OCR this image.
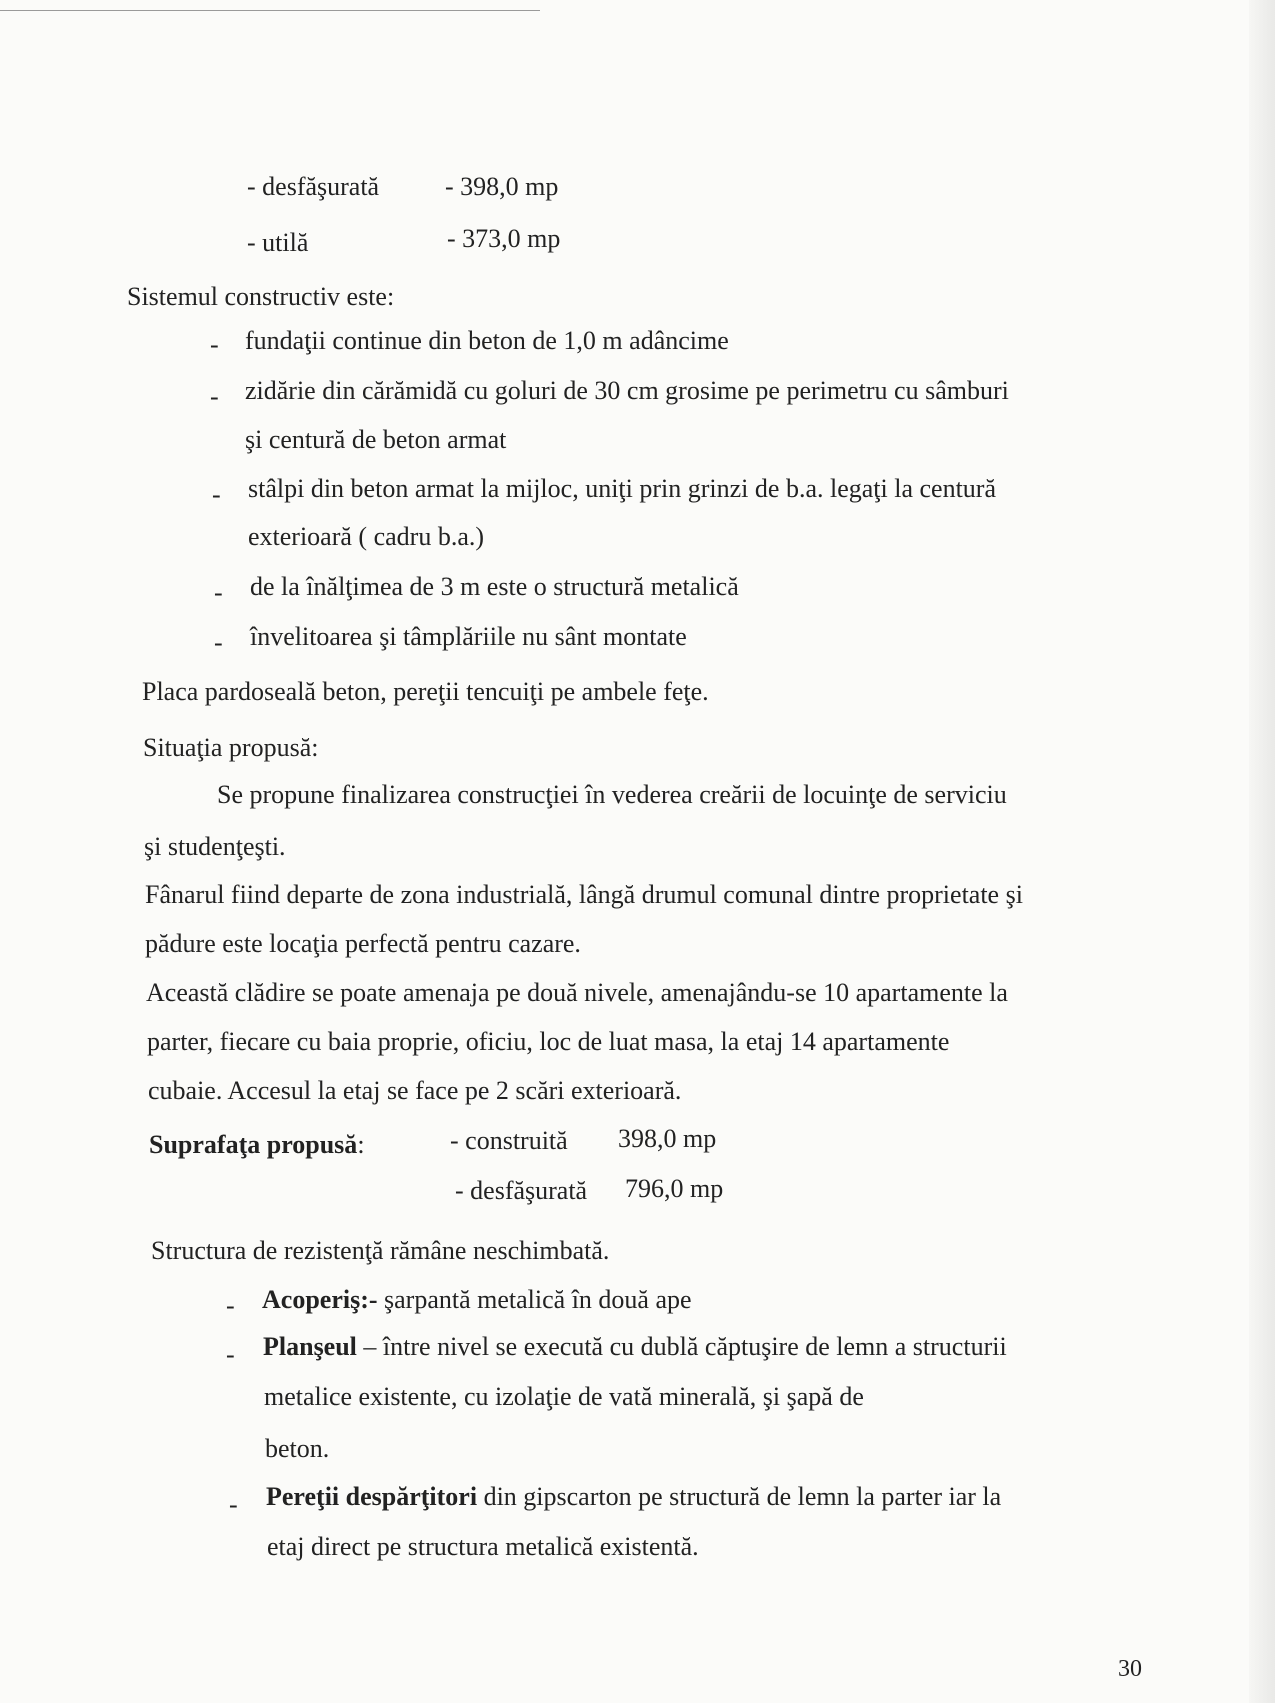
- desfăşurată	- 398,0 mp
- utilă	- 373,0 mp
Sistemul constructiv este:
- fundaţii continue din beton de 1,0 m adâncime
- zidărie din cărămidă cu goluri de 30 cm grosime pe perimetru cu sâmburi
şi centură de beton armat
- stâlpi din beton armat la mijloc, uniţi prin grinzi de b.a. legaţi la centură
exterioară ( cadru b.a.)
- de la înălţimea de 3 m este o structură metalică
- învelitoarea şi tâmplăriile nu sânt montate
Placa pardoseală beton, pereţii tencuiţi pe ambele feţe.
Situaţia propusă:
Se propune finalizarea construcţiei în vederea creării de locuinţe de serviciu
şi studenţeşti.
Fânarul fiind departe de zona industrială, lângă drumul comunal dintre proprietate şi
pădure este locaţia perfectă pentru cazare.
Această clădire se poate amenaja pe două nivele, amenajându-se 10 apartamente la
parter, fiecare cu baia proprie, oficiu, loc de luat masa, la etaj 14 apartamente
cubaie. Accesul la etaj se face pe 2 scări exterioară.
Suprafaţa propusă:	- construită 398,0 mp
- desfăşurată 796,0 mp
Structura de rezistenţă rămâne neschimbată.
- Acoperiş:- şarpantă metalică în două ape
- Planşeul – între nivel se execută cu dublă căptuşire de lemn a structurii
metalice existente, cu izolaţie de vată minerală, şi şapă de
beton.
- Pereţii despărţitori din gipscarton pe structură de lemn la parter iar la
etaj direct pe structura metalică existentă.
30
